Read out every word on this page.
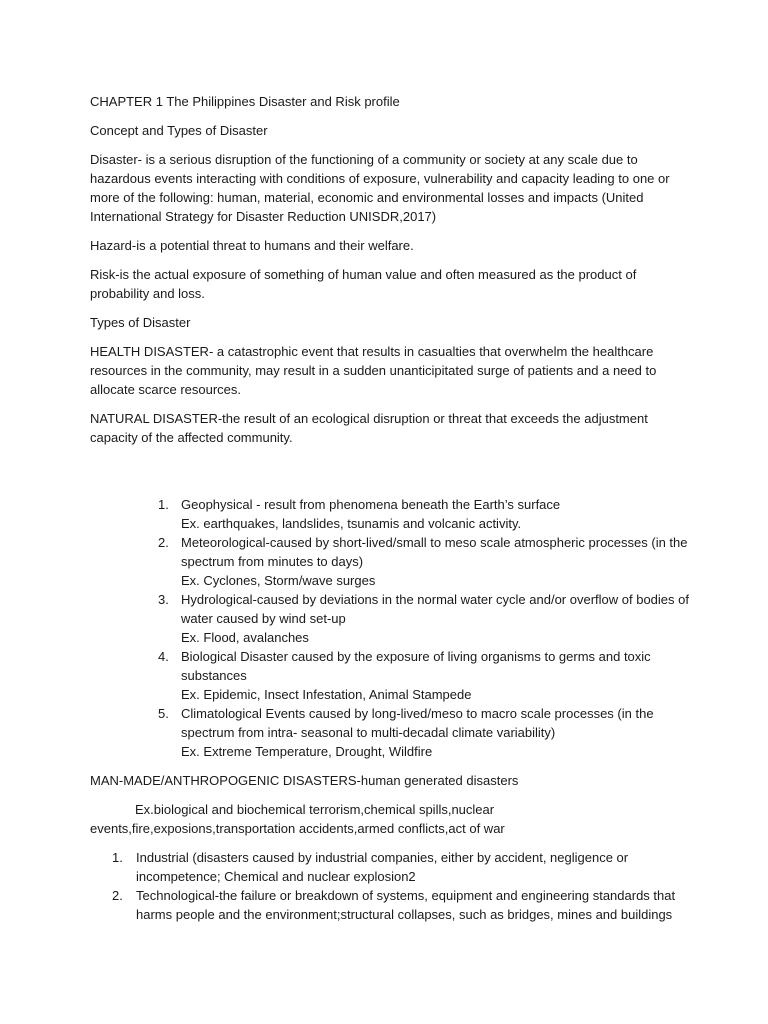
CHAPTER 1 The Philippines Disaster and Risk profile

Concept and Types of Disaster

Disaster- is a serious disruption of the functioning of a community or society at any scale due to hazardous events interacting with conditions of exposure, vulnerability and capacity leading to one or more of the following: human, material, economic and environmental losses and impacts (United International Strategy for Disaster Reduction UNISDR,2017)

Hazard-is a potential threat to humans and their welfare.

Risk-is the actual exposure of something of human value and often measured as the product of probability and loss.

Types of Disaster

HEALTH DISASTER- a catastrophic event that results in casualties that overwhelm the healthcare resources in the community, may result in a sudden unanticipitated surge of patients and a need to allocate scarce resources.

NATURAL DISASTER-the result of an ecological disruption or threat that exceeds the adjustment capacity of the affected community.

1. Geophysical - result from phenomena beneath the Earth’s surface
Ex. earthquakes, landslides, tsunamis and volcanic activity.
2. Meteorological-caused by short-lived/small to meso scale atmospheric processes (in the spectrum from minutes to days)
Ex. Cyclones, Storm/wave surges
3. Hydrological-caused by deviations in the normal water cycle and/or overflow of bodies of water caused by wind set-up
Ex. Flood, avalanches
4. Biological Disaster caused by the exposure of living organisms to germs and toxic substances
Ex. Epidemic, Insect Infestation, Animal Stampede
5. Climatological Events caused by long-lived/meso to macro scale processes (in the spectrum from intra- seasonal to multi-decadal climate variability)
Ex. Extreme Temperature, Drought, Wildfire

MAN-MADE/ANTHROPOGENIC DISASTERS-human generated disasters

Ex.biological and biochemical terrorism,chemical spills,nuclear events,fire,exposions,transportation accidents,armed conflicts,act of war

1. Industrial (disasters caused by industrial companies, either by accident, negligence or incompetence; Chemical and nuclear explosion2
2. Technological-the failure or breakdown of systems, equipment and engineering standards that harms people and the environment;structural collapses, such as bridges, mines and buildings
